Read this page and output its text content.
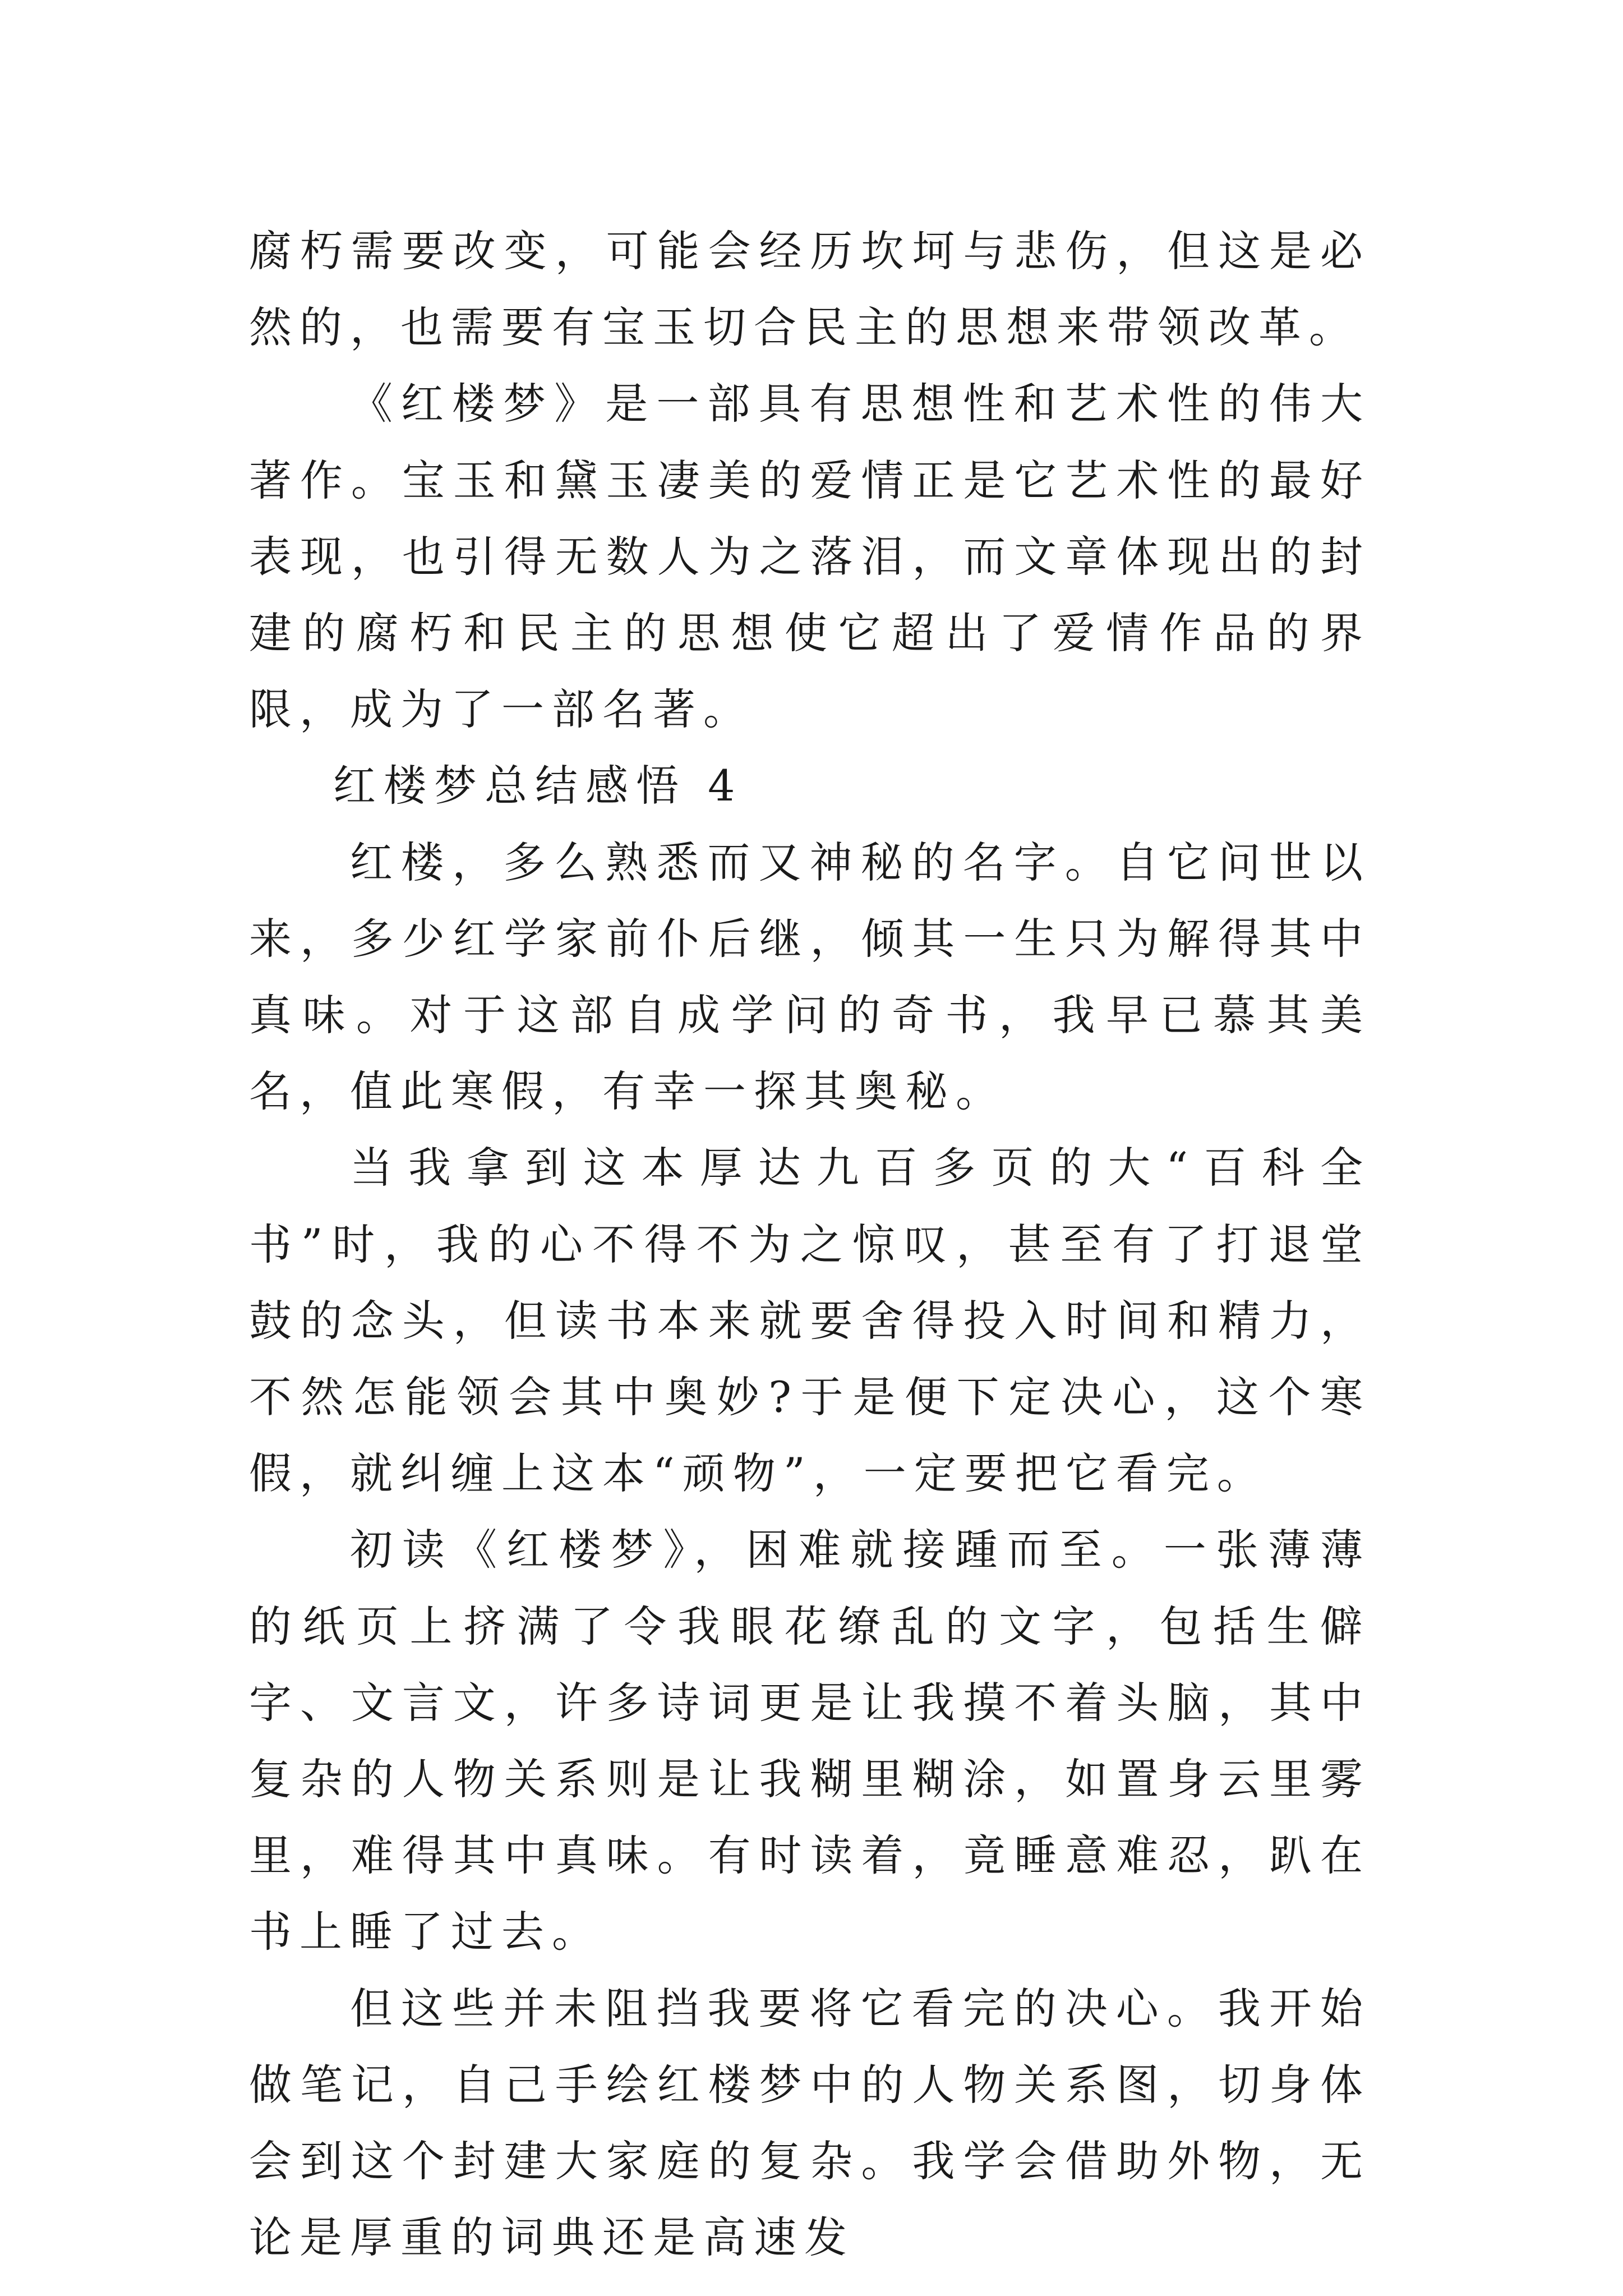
腐朽需要改变，可能会经历坎坷与悲伤，但这是必然的，也需要有宝玉切合民主的思想来带领改革。

《红楼梦》是一部具有思想性和艺术性的伟大著作。宝玉和黛玉凄美的爱情正是它艺术性的最好表现，也引得无数人为之落泪，而文章体现出的封建的腐朽和民主的思想使它超出了爱情作品的界限，成为了一部名著。

红楼梦总结感悟 4

红楼，多么熟悉而又神秘的名字。自它问世以来，多少红学家前仆后继，倾其一生只为解得其中真味。对于这部自成学问的奇书，我早已慕其美名，值此寒假，有幸一探其奥秘。

当我拿到这本厚达九百多页的大“百科全书”时，我的心不得不为之惊叹，甚至有了打退堂鼓的念头，但读书本来就要舍得投入时间和精力，不然怎能领会其中奥妙?于是便下定决心，这个寒假，就纠缠上这本“顽物”，一定要把它看完。

初读《红楼梦》，困难就接踵而至。一张薄薄的纸页上挤满了令我眼花缭乱的文字，包括生僻字、文言文，许多诗词更是让我摸不着头脑，其中复杂的人物关系则是让我糊里糊涂，如置身云里雾里，难得其中真味。有时读着，竟睡意难忍，趴在书上睡了过去。

但这些并未阻挡我要将它看完的决心。我开始做笔记，自己手绘红楼梦中的人物关系图，切身体会到这个封建大家庭的复杂。我学会借助外物，无论是厚重的词典还是高速发
